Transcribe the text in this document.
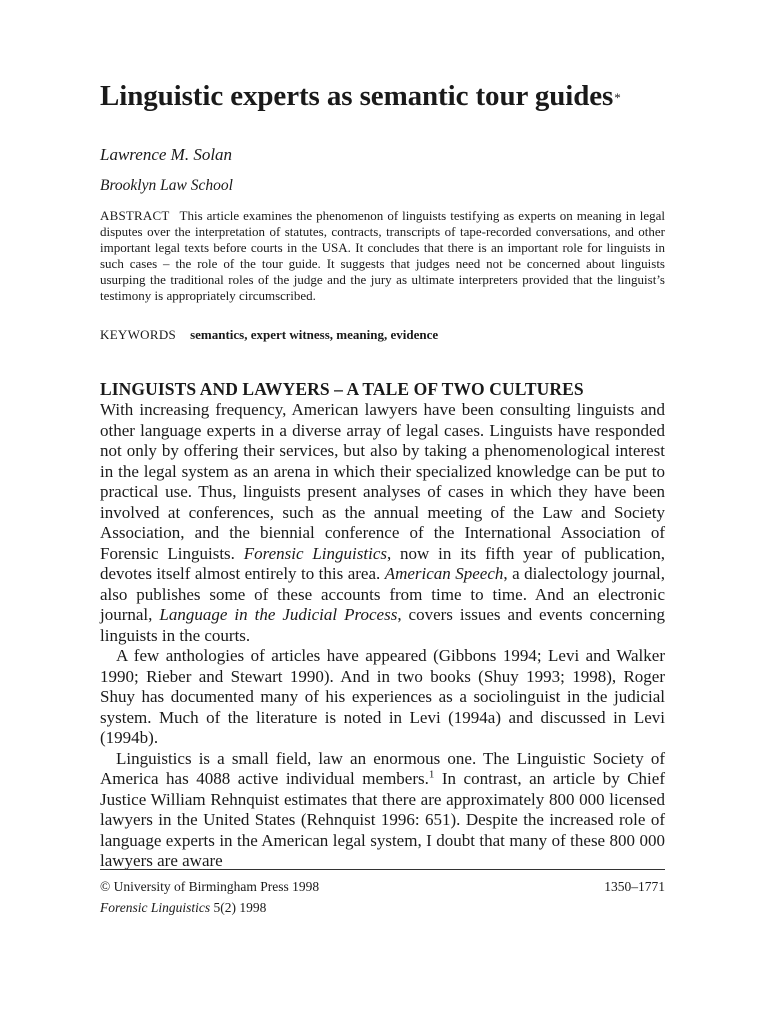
Linguistic experts as semantic tour guides*
Lawrence M. Solan
Brooklyn Law School

ABSTRACT This article examines the phenomenon of linguists testifying as experts on meaning in legal disputes over the interpretation of statutes, contracts, transcripts of tape-recorded conversations, and other important legal texts before courts in the USA. It concludes that there is an important role for linguists in such cases – the role of the tour guide. It suggests that judges need not be concerned about linguists usurping the traditional roles of the judge and the jury as ultimate interpreters provided that the linguist’s testimony is appropriately circumscribed.

KEYWORDS semantics, expert witness, meaning, evidence

LINGUISTS AND LAWYERS – A TALE OF TWO CULTURES

With increasing frequency, American lawyers have been consulting linguists and other language experts in a diverse array of legal cases. Linguists have responded not only by offering their services, but also by taking a phenomenological interest in the legal system as an arena in which their specialized knowledge can be put to practical use. Thus, linguists present analyses of cases in which they have been involved at conferences, such as the annual meeting of the Law and Society Association, and the biennial conference of the International Association of Forensic Linguists. Forensic Linguistics, now in its fifth year of publication, devotes itself almost entirely to this area. American Speech, a dialectology journal, also publishes some of these accounts from time to time. And an electronic journal, Language in the Judicial Process, covers issues and events concerning linguists in the courts.

A few anthologies of articles have appeared (Gibbons 1994; Levi and Walker 1990; Rieber and Stewart 1990). And in two books (Shuy 1993; 1998), Roger Shuy has documented many of his experiences as a sociolinguist in the judicial system. Much of the literature is noted in Levi (1994a) and discussed in Levi (1994b).

Linguistics is a small field, law an enormous one. The Linguistic Society of America has 4088 active individual members.$^1$ In contrast, an article by Chief Justice William Rehnquist estimates that there are approximately 800 000 licensed lawyers in the United States (Rehnquist 1996: 651). Despite the increased role of language experts in the American legal system, I doubt that many of these 800 000 lawyers are aware

© University of Birmingham Press 1998	1350–1771
Forensic Linguistics 5(2) 1998
